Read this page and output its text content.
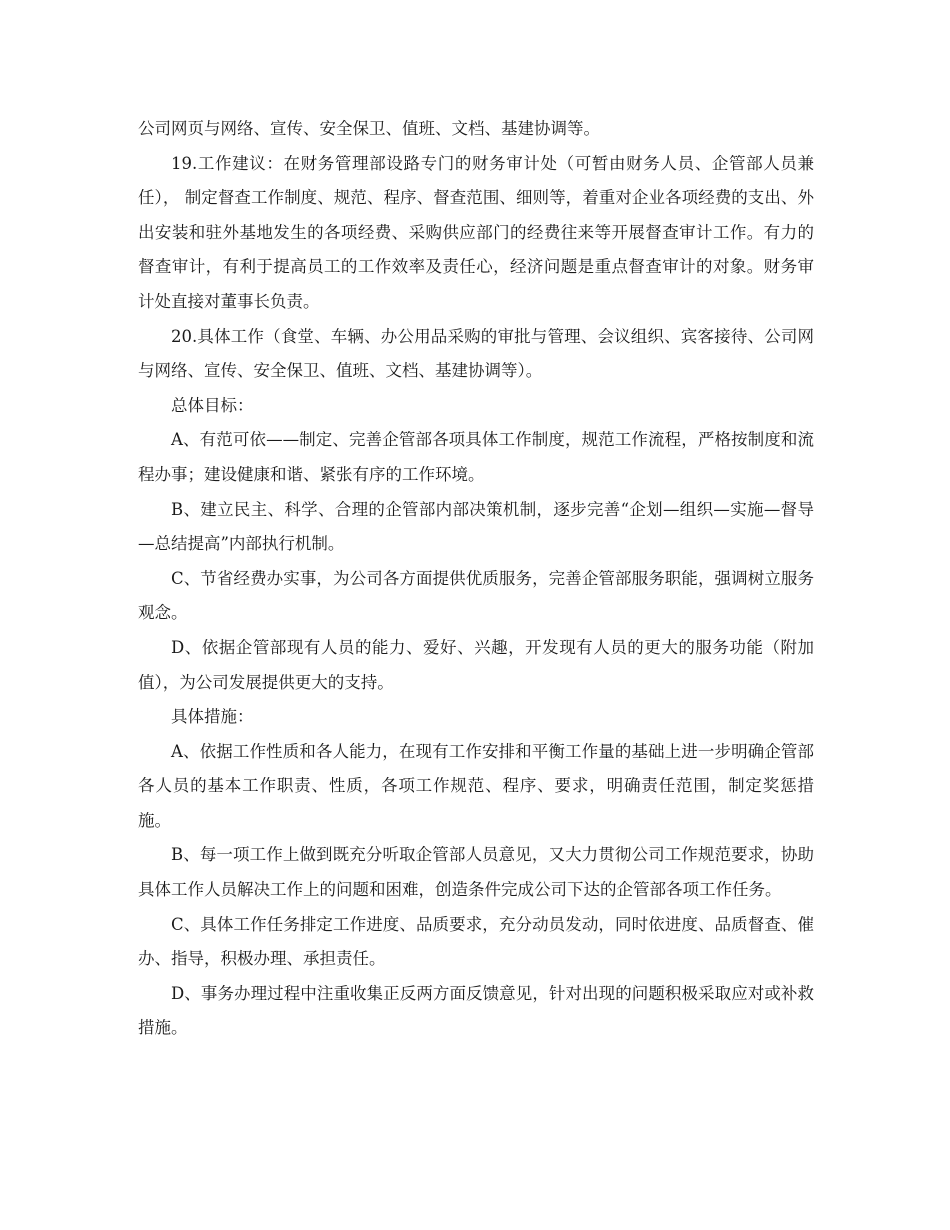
公司网页与网络、宣传、安全保卫、值班、文档、基建协调等。

19.工作建议：在财务管理部设路专门的财务审计处（可暂由财务人员、企管部人员兼任）， 制定督查工作制度、规范、程序、督查范围、细则等，着重对企业各项经费的支出、外出安装和驻外基地发生的各项经费、采购供应部门的经费往来等开展督查审计工作。有力的督查审计，有利于提高员工的工作效率及责任心，经济问题是重点督查审计的对象。财务审计处直接对董事长负责。

20.具体工作（食堂、车辆、办公用品采购的审批与管理、会议组织、宾客接待、公司网与网络、宣传、安全保卫、值班、文档、基建协调等）。

总体目标：

A、有范可依——制定、完善企管部各项具体工作制度，规范工作流程，严格按制度和流程办事；建设健康和谐、紧张有序的工作环境。

B、建立民主、科学、合理的企管部内部决策机制，逐步完善“企划—组织—实施—督导—总结提高”内部执行机制。

C、节省经费办实事，为公司各方面提供优质服务，完善企管部服务职能，强调树立服务观念。

D、依据企管部现有人员的能力、爱好、兴趣，开发现有人员的更大的服务功能（附加值），为公司发展提供更大的支持。

具体措施：

A、依据工作性质和各人能力，在现有工作安排和平衡工作量的基础上进一步明确企管部各人员的基本工作职责、性质，各项工作规范、程序、要求，明确责任范围，制定奖惩措施。

B、每一项工作上做到既充分听取企管部人员意见，又大力贯彻公司工作规范要求，协助具体工作人员解决工作上的问题和困难，创造条件完成公司下达的企管部各项工作任务。

C、具体工作任务排定工作进度、品质要求，充分动员发动，同时依进度、品质督查、催办、指导，积极办理、承担责任。

D、事务办理过程中注重收集正反两方面反馈意见，针对出现的问题积极采取应对或补救措施。
